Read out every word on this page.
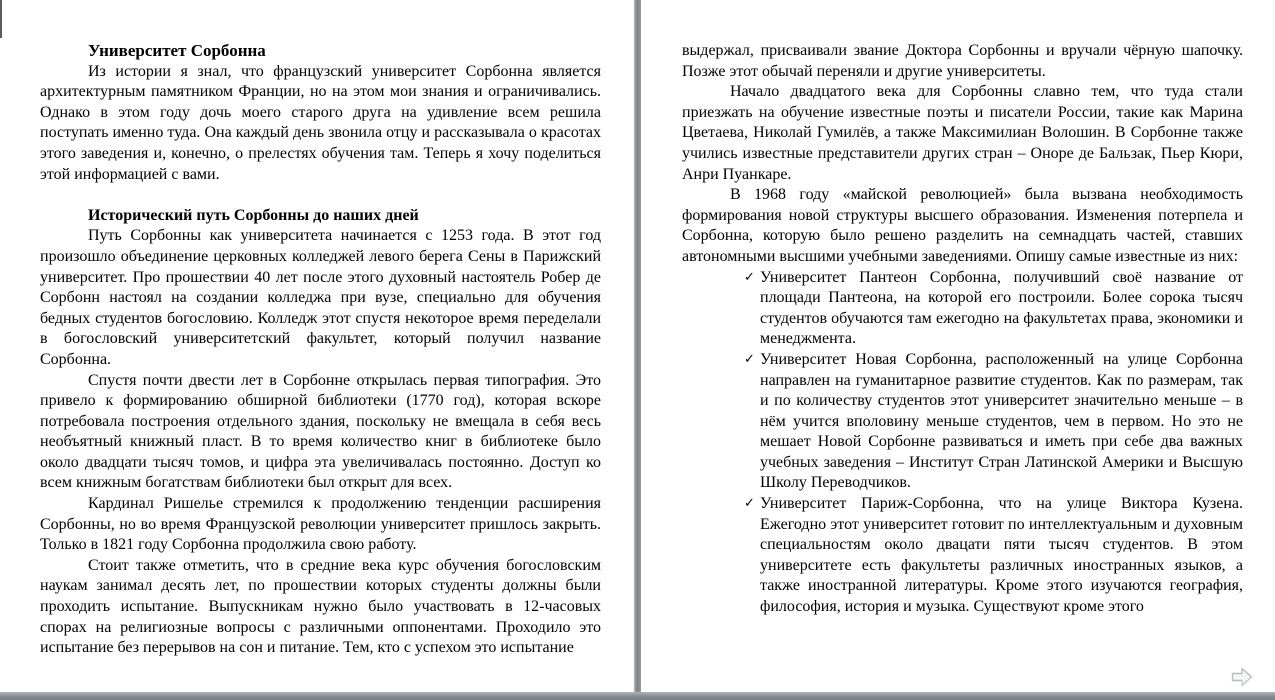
Университет Сорбонна

Из истории я знал, что французский университет Сорбонна является архитектурным памятником Франции, но на этом мои знания и ограничивались. Однако в этом году дочь моего старого друга на удивление всем решила поступать именно туда. Она каждый день звонила отцу и рассказывала о красотах этого заведения и, конечно, о прелестях обучения там. Теперь я хочу поделиться этой информацией с вами.

Исторический путь Сорбонны до наших дней

Путь Сорбонны как университета начинается с 1253 года. В этот год произошло объединение церковных колледжей левого берега Сены в Парижский университет. Про прошествии 40 лет после этого духовный настоятель Робер де Сорбонн настоял на создании колледжа при вузе, специально для обучения бедных студентов богословию. Колледж этот спустя некоторое время переделали в богословский университетский факультет, который получил название Сорбонна.

Спустя почти двести лет в Сорбонне открылась первая типография. Это привело к формированию обширной библиотеки (1770 год), которая вскоре потребовала построения отдельного здания, поскольку не вмещала в себя весь необъятный книжный пласт. В то время количество книг в библиотеке было около двадцати тысяч томов, и цифра эта увеличивалась постоянно. Доступ ко всем книжным богатствам библиотеки был открыт для всех.

Кардинал Ришелье стремился к продолжению тенденции расширения Сорбонны, но во время Французской революции университет пришлось закрыть. Только в 1821 году Сорбонна продолжила свою работу.

Стоит также отметить, что в средние века курс обучения богословским наукам занимал десять лет, по прошествии которых студенты должны были проходить испытание. Выпускникам нужно было участвовать в 12-часовых спорах на религиозные вопросы с различными оппонентами. Проходило это испытание без перерывов на сон и питание. Тем, кто с успехом это испытание

выдержал, присваивали звание Доктора Сорбонны и вручали чёрную шапочку. Позже этот обычай переняли и другие университеты.

Начало двадцатого века для Сорбонны славно тем, что туда стали приезжать на обучение известные поэты и писатели России, такие как Марина Цветаева, Николай Гумилёв, а также Максимилиан Волошин. В Сорбонне также учились известные представители других стран – Оноре де Бальзак, Пьер Кюри, Анри Пуанкаре.

В 1968 году «майской революцией» была вызвана необходимость формирования новой структуры высшего образования. Изменения потерпела и Сорбонна, которую было решено разделить на семнадцать частей, ставших автономными высшими учебными заведениями. Опишу самые известные из них:

✓ Университет Пантеон Сорбонна, получивший своё название от площади Пантеона, на которой его построили. Более сорока тысяч студентов обучаются там ежегодно на факультетах права, экономики и менеджмента.
✓ Университет Новая Сорбонна, расположенный на улице Сорбонна направлен на гуманитарное развитие студентов. Как по размерам, так и по количеству студентов этот университет значительно меньше – в нём учится вполовину меньше студентов, чем в первом. Но это не мешает Новой Сорбонне развиваться и иметь при себе два важных учебных заведения – Институт Стран Латинской Америки и Высшую Школу Переводчиков.
✓ Университет Париж-Сорбонна, что на улице Виктора Кузена. Ежегодно этот университет готовит по интеллектуальным и духовным специальностям около двацати пяти тысяч студентов. В этом университете есть факультеты различных иностранных языков, а также иностранной литературы. Кроме этого изучаются география, философия, история и музыка. Существуют кроме этого
